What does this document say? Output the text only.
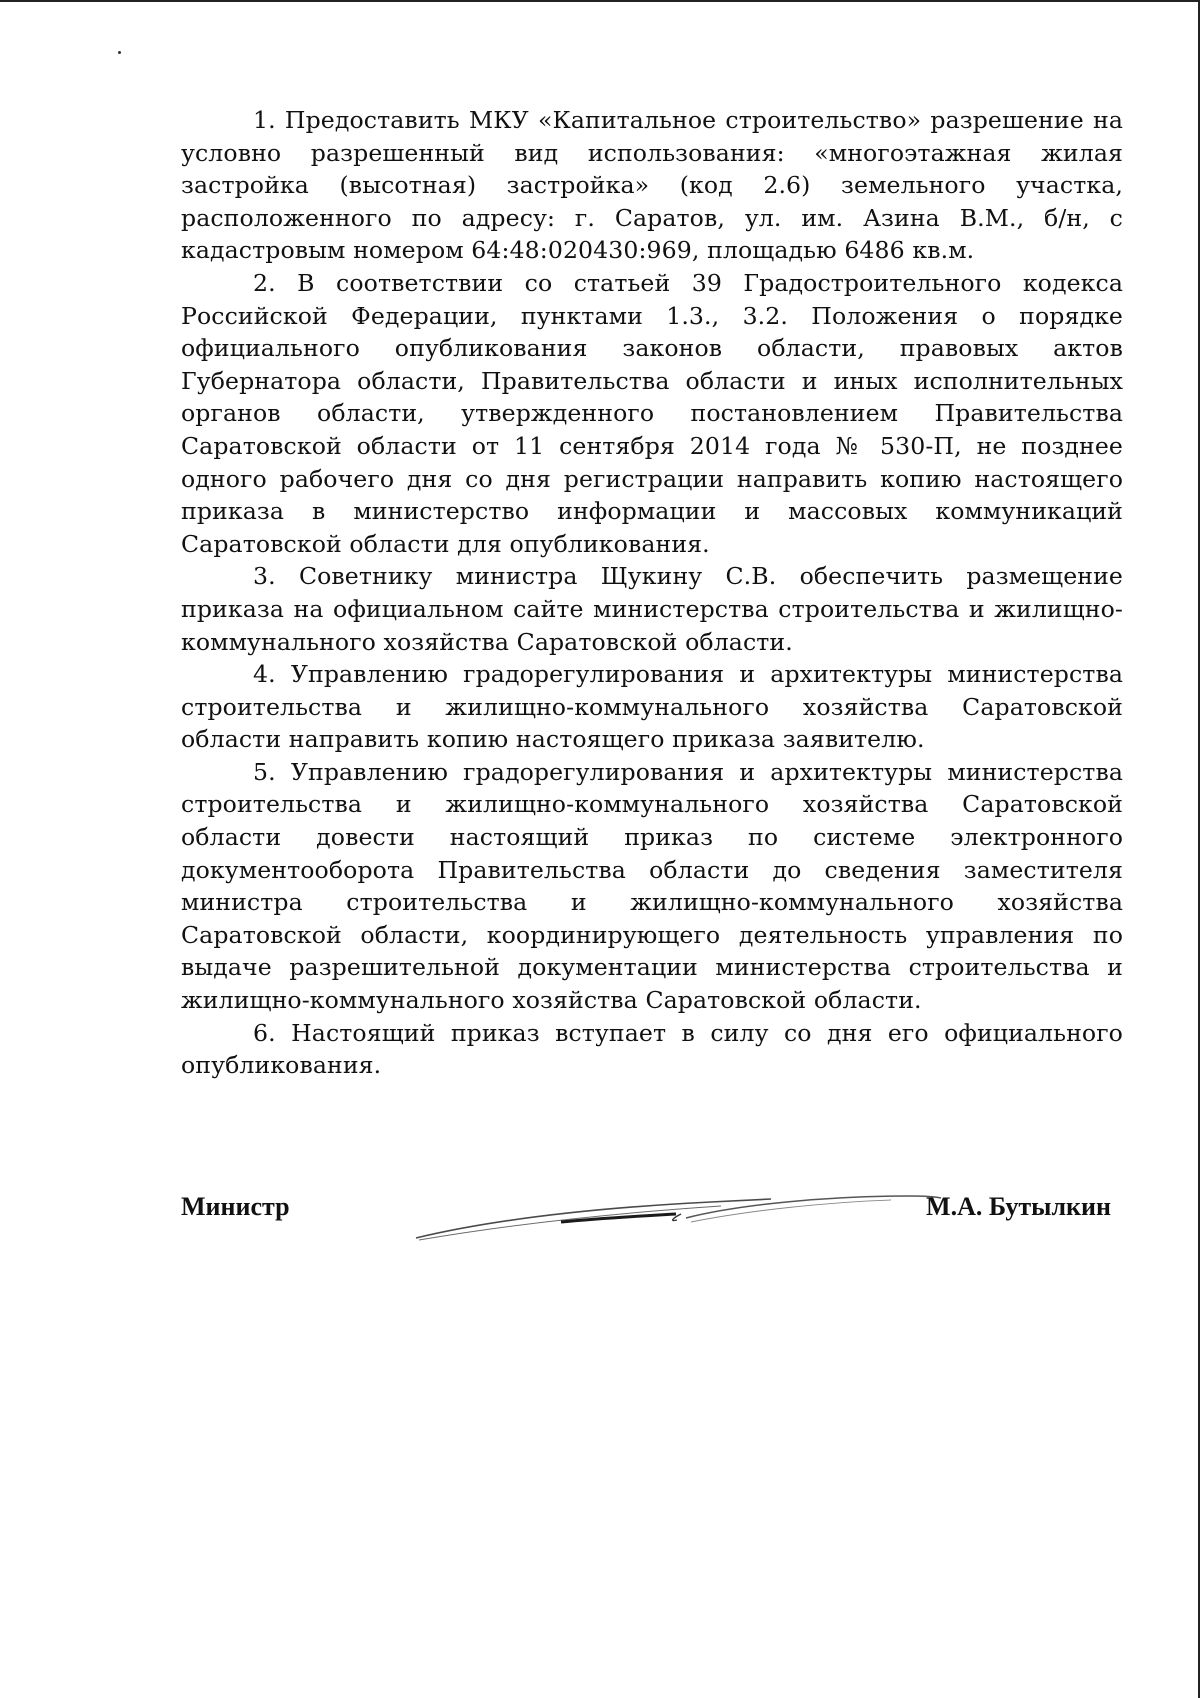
1. Предоставить МКУ «Капитальное строительство» разрешение на условно разрешенный вид использования: «многоэтажная жилая застройка (высотная) застройка» (код 2.6) земельного участка, расположенного по адресу: г. Саратов, ул. им. Азина В.М., б/н, с кадастровым номером 64:48:020430:969, площадью 6486 кв.м.

2. В соответствии со статьей 39 Градостроительного кодекса Российской Федерации, пунктами 1.3., 3.2. Положения о порядке официального опубликования законов области, правовых актов Губернатора области, Правительства области и иных исполнительных органов области, утвержденного постановлением Правительства Саратовской области от 11 сентября 2014 года № 530-П, не позднее одного рабочего дня со дня регистрации направить копию настоящего приказа в министерство информации и массовых коммуникаций Саратовской области для опубликования.

3. Советнику министра Щукину С.В. обеспечить размещение приказа на официальном сайте министерства строительства и жилищно-коммунального хозяйства Саратовской области.

4. Управлению градорегулирования и архитектуры министерства строительства и жилищно-коммунального хозяйства Саратовской области направить копию настоящего приказа заявителю.

5. Управлению градорегулирования и архитектуры министерства строительства и жилищно-коммунального хозяйства Саратовской области довести настоящий приказ по системе электронного документооборота Правительства области до сведения заместителя министра строительства и жилищно-коммунального хозяйства Саратовской области, координирующего деятельность управления по выдаче разрешительной документации министерства строительства и жилищно-коммунального хозяйства Саратовской области.

6. Настоящий приказ вступает в силу со дня его официального опубликования.

Министр	М.А. Бутылкин
